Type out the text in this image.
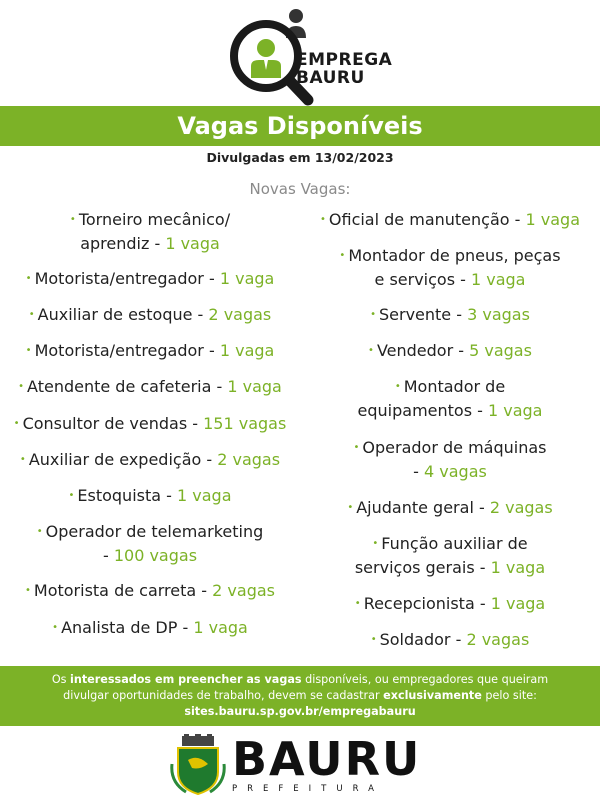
EMPREGA
BAURU
Vagas Disponíveis
Divulgadas em 13/02/2023
Novas Vagas:
• Torneiro mecânico/
aprendiz - 1 vaga
• Motorista/entregador - 1 vaga
• Auxiliar de estoque - 2 vagas
• Motorista/entregador - 1 vaga
• Atendente de cafeteria - 1 vaga
• Consultor de vendas - 151 vagas
• Auxiliar de expedição - 2 vagas
• Estoquista - 1 vaga
• Operador de telemarketing
- 100 vagas
• Motorista de carreta - 2 vagas
• Analista de DP - 1 vaga
• Oficial de manutenção - 1 vaga
• Montador de pneus, peças
e serviços - 1 vaga
• Servente - 3 vagas
• Vendedor - 5 vagas
• Montador de
equipamentos - 1 vaga
• Operador de máquinas
- 4 vagas
• Ajudante geral - 2 vagas
• Função auxiliar de
serviços gerais - 1 vaga
• Recepcionista - 1 vaga
• Soldador - 2 vagas
Os interessados em preencher as vagas disponíveis, ou empregadores que queiram
divulgar oportunidades de trabalho, devem se cadastrar exclusivamente pelo site:
sites.bauru.sp.gov.br/empregabauru
BAURU
PREFEITURA
